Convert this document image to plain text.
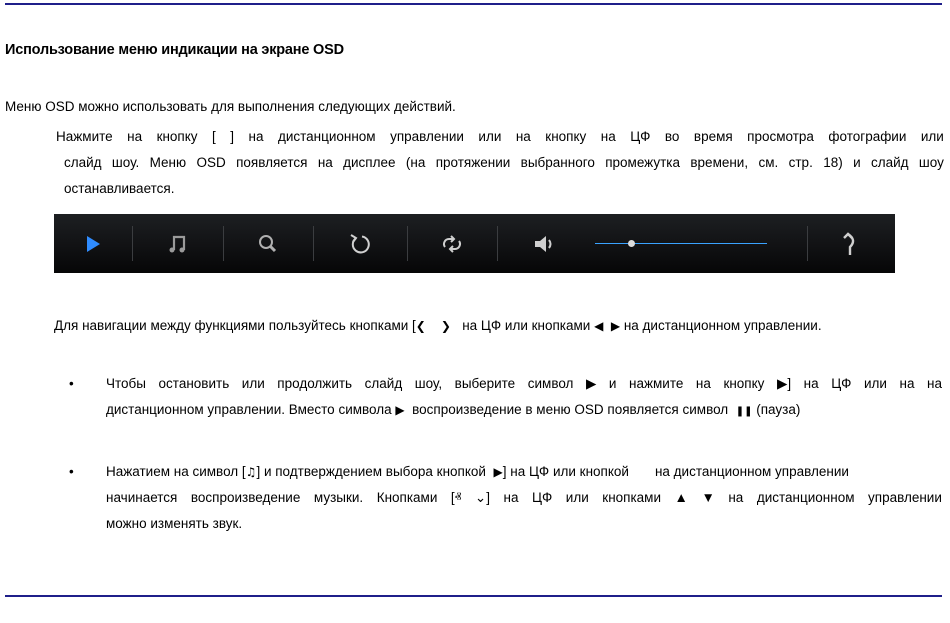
Использование меню индикации на экране OSD

Меню OSD можно использовать для выполнения следующих действий.

Нажмите на кнопку [ ] на дистанционном управлении или на кнопку на ЦФ во время просмотра фотографии или
слайд шоу. Меню OSD появляется на дисплее (на протяжении выбранного промежутка времени, см. стр. 18) и слайд шоу
останавливается.

Для навигации между функциями пользуйтесь кнопками [❮ ❯ на ЦФ или кнопками ◀ ▶ на дистанционном управлении.

• Чтобы остановить или продолжить слайд шоу, выберите символ ▶ и нажмите на кнопку ▶] на ЦФ или на на
дистанционном управлении. Вместо символа ▶ воспроизведение в меню OSD появляется символ ❚❚ (пауза)
• Нажатием на символ [♫] и подтверждением выбора кнопкой ▶] на ЦФ или кнопкой на дистанционном управлении
начинается воспроизведение музыки. Кнопками [ⱏ ⌄] на ЦФ или кнопками ▲ ▼ на дистанционном управлении
можно изменять звук.
